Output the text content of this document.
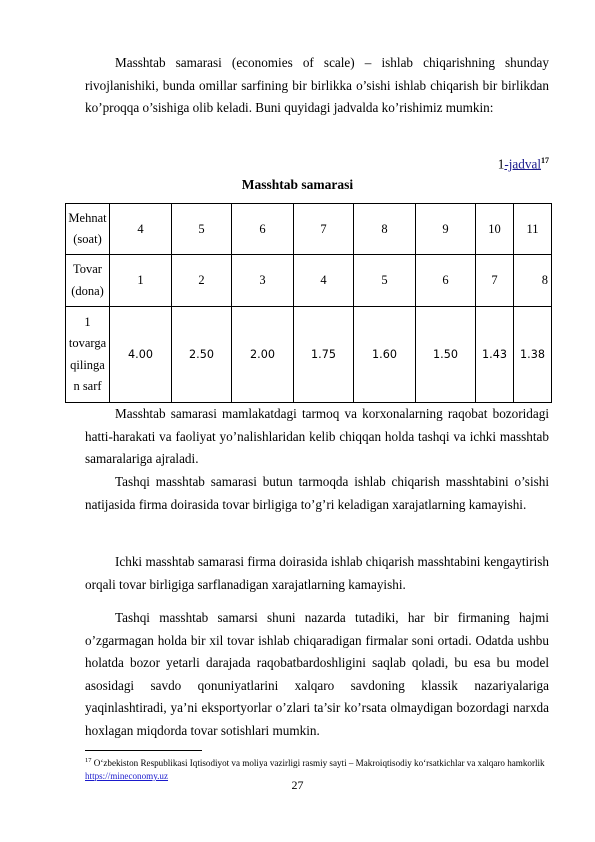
Masshtab samarasi (economies of scale) – ishlab chiqarishning shunday rivojlanishiki, bunda omillar sarfining bir birlikka o’sishi ishlab chiqarish bir birlikdan ko’proqqa o’sishiga olib keladi. Buni quyidagi jadvalda ko’rishimiz mumkin:
1-jadval$^{17}$
Masshtab samarasi
Mehnat (soat)	4	5	6	7	8	9	10	11
Tovar (dona)	1	2	3	4	5	6	7	8
1 tovarga qilinga n sarf	4.00	2.50	2.00	1.75	1.60	1.50	1.43	1.38
Masshtab samarasi mamlakatdagi tarmoq va korxonalarning raqobat bozoridagi hatti-harakati va faoliyat yo’nalishlaridan kelib chiqqan holda tashqi va ichki masshtab samaralariga ajraladi.
Tashqi masshtab samarasi butun tarmoqda ishlab chiqarish masshtabini o’sishi natijasida firma doirasida tovar birligiga to’g’ri keladigan xarajatlarning kamayishi.
Ichki masshtab samarasi firma doirasida ishlab chiqarish masshtabini kengaytirish orqali tovar birligiga sarflanadigan xarajatlarning kamayishi.
Tashqi masshtab samarsi shuni nazarda tutadiki, har bir firmaning hajmi o’zgarmagan holda bir xil tovar ishlab chiqaradigan firmalar soni ortadi. Odatda ushbu holatda bozor yetarli darajada raqobatbardoshligini saqlab qoladi, bu esa bu model asosidagi savdo qonuniyatlarini xalqaro savdoning klassik nazariyalariga yaqinlashtiradi, ya’ni eksportyorlar o’zlari ta’sir ko’rsata olmaydigan bozordagi narxda hoxlagan miqdorda tovar sotishlari mumkin.
$^{17}$ O‘zbekiston Respublikasi Iqtisodiyot va moliya vazirligi rasmiy sayti – Makroiqtisodiy ko‘rsatkichlar va xalqaro hamkorlik https://mineconomy.uz
27
